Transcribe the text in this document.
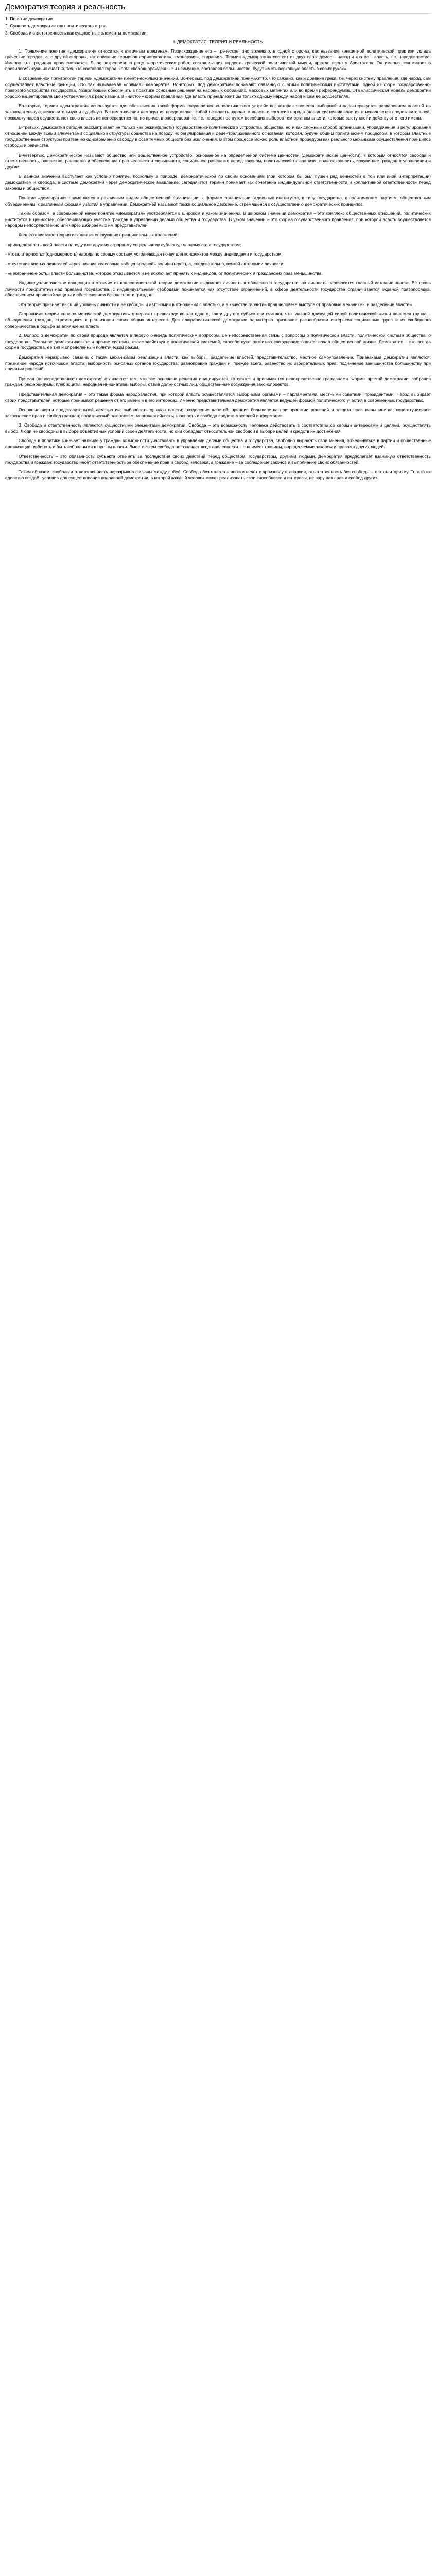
Демократия:теория и реальность
1. Понятие демократии
2. Сущность демократии как политического строя.
3. Свобода и ответственность как сущностные элементы демократии.
I. ДЕМОКРАТИЯ: ТЕОРИЯ И РЕАЛЬНОСТЬ

1. Появление понятия «демократия» относится к античным временам. Происхождение его – греческое, оно возникло, в одной стороны, как название конкретной политической практики уклада греческих городов, а, с другой стороны, как описание терминов «аристократия», «монархия», «тирания». Термин «демократия» состоит из двух слов: демос – народ и кратос – власть, т.е. народовластие. Именно эта традиция прослеживается. Было закреплено в ряде теоретических работ, составляющих гордость греческой политической мысли, прежде всего у Аристотеля. Он именно вспоминает о привилегиях лучших счастья, тех, кто составлял город, когда свободнорожденные и неимущие, составляя большинство, будут иметь верховную власть в своих руках».

В современной политологии термин «демократия» имеет несколько значений. Во-первых, под демократией понимают то, что связано, как и древние греки, т.е. через систему правления, где народ, сам осуществляет властные функции. Это так называемая «прямая» демократия. Во-вторых, под демократией понимают связанную с этими политическими институтами, одной из форм государственно-правового устройства государства, позволяющей обеспечить в практике основные решения на народных собраниях, массовых митингах или во время референдумов. Эта классическая модель демократии хорошо акцентировала свои устремления к реализации, и «чистой» формы правления, где власть принадлежит бы только одному народу, народ и сам её осуществлял.

Во-вторых, термин «демократия» используется для обозначения такой формы государственно-политического устройства, которая является выборной и характеризуется разделением властей на законодательную, исполнительную и судебную. В этом значении демократия представляет собой не власть народа, а власть с согласия народа (народ «источник власти» и исполняется представительной, поскольку народ осуществляет свою власть не непосредственно, но прямо, в опосредованно, т.е. передает её путем всеобщих выборов тем органам власти, которые выступают и действуют от его имени.

В-третьих, демократия сегодня рассматривает не только как режим(власть) государственно-политического устройства общества, но и как сложный способ организации, упорядочения и регулирования отношений между всеми элементами социальной структуры общества на поводу их регулирования и децентрализованного основания, которая, будучи общим политическим процессом, в котором властные государственные структуры призванию одновременно свободу в осве темных обществ без исключения. В этом процессе можно роль властной процедуры как реального механизма осуществления принципов свободы и равенства.

В-четвертых, демократическое называют общество или общественное устройство, основанное на определенной системе ценностей (демократические ценности), к которым относятся свобода и ответственность, равенство, равенство и обеспечение прав человека и меньшинств, социальное равенство перед законом, политический плюрализм, правозаконность, сочувствие граждан в управлении и другие.

В данном значении выступает как условно понятие, поскольку в природе, демократической по своим основаниям (при котором бы был пущен ряд ценностей в той или иной интерпретации) демократизм и свобода, в системе демократий через демократическое мышление, сегодня этот термин понимает как сочетание индивидуальной ответственности и коллективной ответственности перед законом и обществом.

Понятие «демократия» применяется к различным видам общественной организации, к формам организации отдельных институтов, к типу государства, к политическим партиям, общественным объединениям, к различным формам участия в управлении. Демократией называют также социальное движение, стремящееся к осуществлению демократических принципов.

Таким образом, в современной науке понятие «демократия» употребляется в широком и узком значениях. В широком значении демократия – это комплекс общественных отношений, политических институтов и ценностей, обеспечивающих участие граждан в управлении делами общества и государства. В узком значении – это форма государственного правления, при которой власть осуществляется народом непосредственно или через избираемых им представителей.

Коллективистское теория исходит из следующих принципиальных положений:

- принадлежность всей власти народу или другому аграрному социальному субъекту, главному его с государством;

- «тоталитарность» (одномерность) народа по своему составу, устраняющая почву для конфликтов между индивидами и государством;

- отсутствие чистых личностей через нижние классовые «общенародной» воли(интерес), а, следовательно, всякой автономии личности;

- «неограниченность» власти большинства, которое отказывается и не исключает принятых индивидов, от политических и гражданских прав меньшинства.

Индивидуалистическое концепция в отличие от коллективистской теории демократии выдвигает личность в общество в государство: на личность переносится главный источник власти. Её права личности приоритетны над правами государства, с индивидуальными свободами понимается как отсутствие ограничений, а сфера деятельности государства ограничивается охраной правопорядка, обеспечением правовой защиты и обеспечением безопасности граждан.

Эта теория признает высший уровень личности и её свободы и автономии в отношении с властью, а в качестве гарантий прав человека выступают правовые механизмы и разделение властей.

Сторонники теории «плюралистической демократии» отвергают превосходство как одного, так и другого субъекта и считают, что главной движущей силой политической жизни является группа – объединения граждан, стремящихся к реализации своих общих интересов. Для плюралистической демократии характерно признание разнообразия интересов социальных групп и их свободного соперничества в борьбе за влияние на власть.

2. Вопрос о демократии по своей природе является в первую очередь политическим вопросом. Её непосредственная связь с вопросом о политической власти, политической системе общества, о государстве. Реальное демократическое и прочие системы, взаимодействуя с политической системой, способствуют развитию самоуправляющихся начал общественной жизни. Демократия – это всегда форма государства, её тип и определённый политический режим.

Демократия неразрывно связана с таким механизмом реализации власти, как выборы, разделение властей, представительство, местное самоуправление. Признаками демократии являются: признание народа источником власти; выборность основных органов государства; равноправие граждан и, прежде всего, равенство их избирательных прав; подчинение меньшинства большинству при принятии решений.

Прямая (непосредственная) демократия отличается тем, что все основные решения инициируются, готовятся и принимаются непосредственно гражданами. Формы прямой демократии: собрания граждан, референдумы, плебисциты, народная инициатива, выборы, отзыв должностных лиц, общественные обсуждения законопроектов.

Представительная демократия – это такая форма народовластия, при которой власть осуществляется выборными органами – парламентами, местными советами, президентами. Народ выбирает своих представителей, которые принимают решения от его имени и в его интересах. Именно представительная демократия является ведущей формой политического участия в современных государствах.

Основные черты представительной демократии: выборность органов власти; разделение властей; принцип большинства при принятии решений и защита прав меньшинства; конституционное закрепление прав и свобод граждан; политический плюрализм; многопартийность; гласность и свобода средств массовой информации.

3. Свобода и ответственность являются сущностными элементами демократии. Свобода – это возможность человека действовать в соответствии со своими интересами и целями, осуществлять выбор. Люди не свободны в выборе объективных условий своей деятельности, но они обладают относительной свободой в выборе целей и средств их достижения.

Свобода в политике означает наличие у граждан возможности участвовать в управлении делами общества и государства, свободно выражать свои мнения, объединяться в партии и общественные организации, избирать и быть избранными в органы власти. Вместе с тем свобода не означает вседозволенности – она имеет границы, определяемые законом и правами других людей.

Ответственность – это обязанность субъекта отвечать за последствия своих действий перед обществом, государством, другими людьми. Демократия предполагает взаимную ответственность государства и граждан: государство несёт ответственность за обеспечение прав и свобод человека, а граждане – за соблюдение законов и выполнение своих обязанностей.

Таким образом, свобода и ответственность неразрывно связаны между собой. Свобода без ответственности ведёт к произволу и анархии, ответственность без свободы – к тоталитаризму. Только их единство создаёт условия для существования подлинной демократии, в которой каждый человек может реализовать свои способности и интересы, не нарушая прав и свобод других.
